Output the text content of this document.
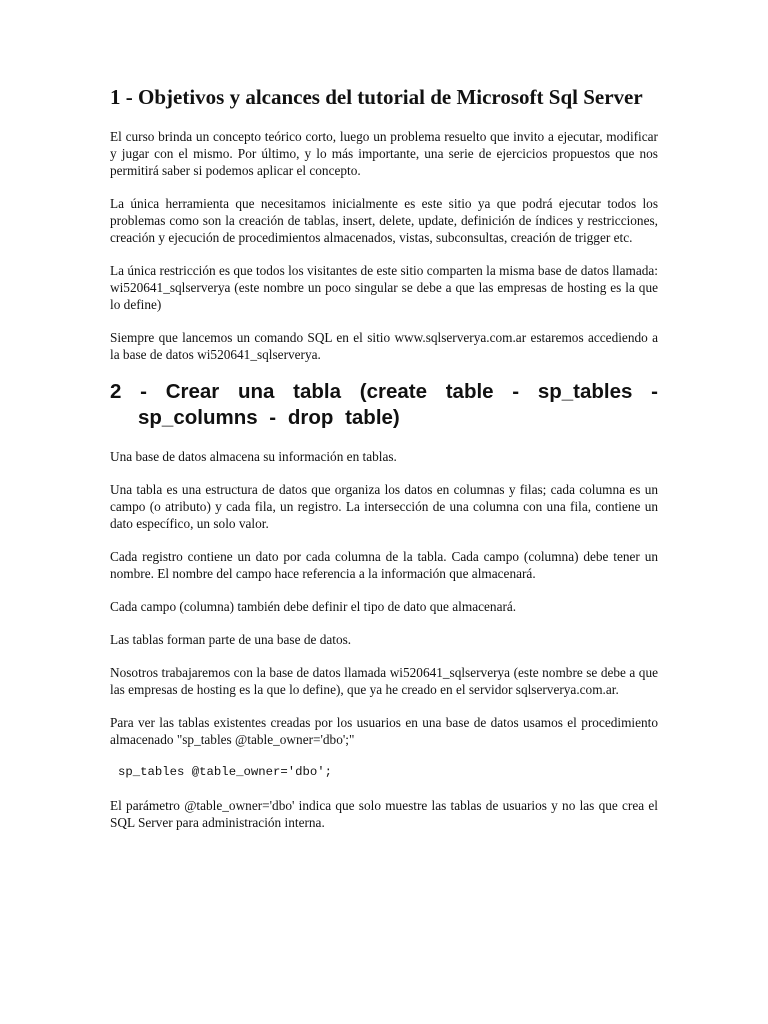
1 - Objetivos y alcances del tutorial de Microsoft Sql Server

El curso brinda un concepto teórico corto, luego un problema resuelto que invito a ejecutar, modificar y jugar con el mismo. Por último, y lo más importante, una serie de ejercicios propuestos que nos permitirá saber si podemos aplicar el concepto.

La única herramienta que necesitamos inicialmente es este sitio ya que podrá ejecutar todos los problemas como son la creación de tablas, insert, delete, update, definición de índices y restricciones, creación y ejecución de procedimientos almacenados, vistas, subconsultas, creación de trigger etc.

La única restricción es que todos los visitantes de este sitio comparten la misma base de datos llamada: wi520641_sqlserverya (este nombre un poco singular se debe a que las empresas de hosting es la que lo define)

Siempre que lancemos un comando SQL en el sitio www.sqlserverya.com.ar estaremos accediendo a la base de datos wi520641_sqlserverya.

2 - Crear una tabla (create table - sp_tables - sp_columns - drop table)

Una base de datos almacena su información en tablas.

Una tabla es una estructura de datos que organiza los datos en columnas y filas; cada columna es un campo (o atributo) y cada fila, un registro. La intersección de una columna con una fila, contiene un dato específico, un solo valor.

Cada registro contiene un dato por cada columna de la tabla. Cada campo (columna) debe tener un nombre. El nombre del campo hace referencia a la información que almacenará.

Cada campo (columna) también debe definir el tipo de dato que almacenará.

Las tablas forman parte de una base de datos.

Nosotros trabajaremos con la base de datos llamada wi520641_sqlserverya (este nombre se debe a que las empresas de hosting es la que lo define), que ya he creado en el servidor sqlserverya.com.ar.

Para ver las tablas existentes creadas por los usuarios en una base de datos usamos el procedimiento almacenado "sp_tables @table_owner='dbo';"

sp_tables @table_owner='dbo';

El parámetro @table_owner='dbo' indica que solo muestre las tablas de usuarios y no las que crea el SQL Server para administración interna.
